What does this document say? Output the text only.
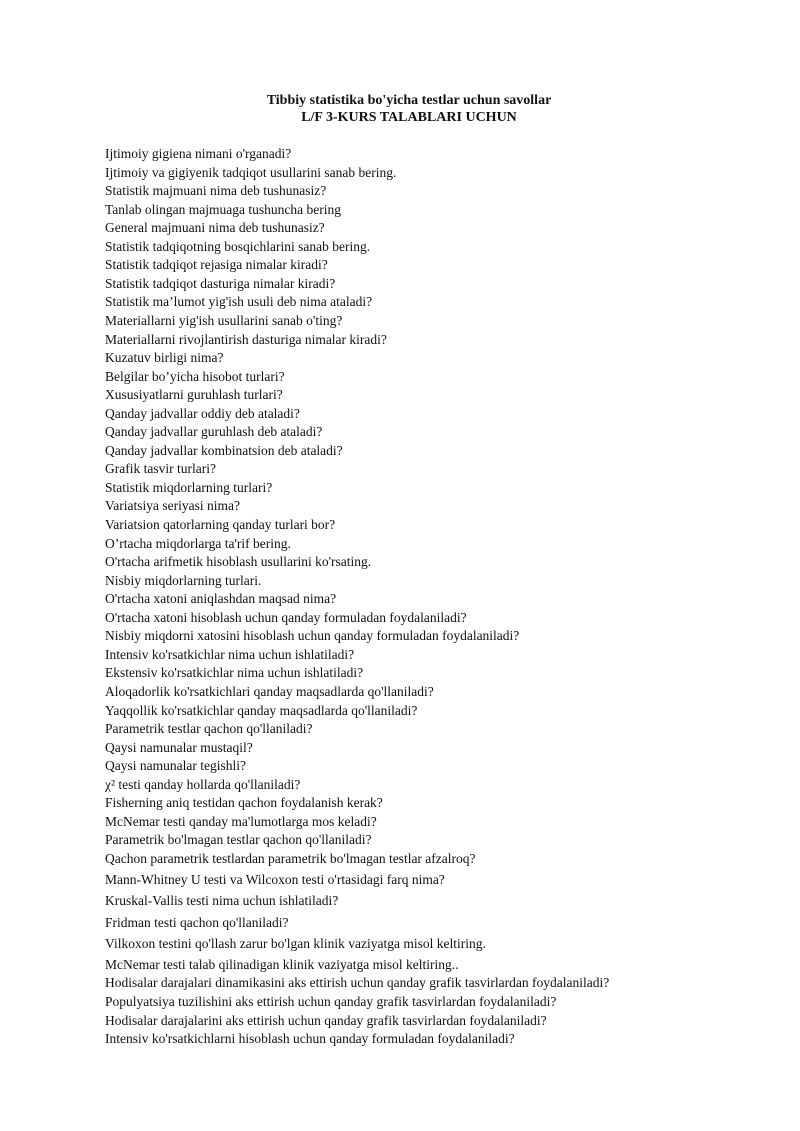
Tibbiy statistika bo'yicha testlar uchun savollar
L/F 3-KURS TALABLARI UCHUN
Ijtimoiy gigiena nimani o'rganadi?
Ijtimoiy va gigiyenik tadqiqot usullarini sanab bering.
Statistik majmuani nima deb tushunasiz?
Tanlab olingan majmuaga tushuncha bering
General majmuani nima deb tushunasiz?
Statistik tadqiqotning bosqichlarini sanab bering.
Statistik tadqiqot rejasiga nimalar kiradi?
Statistik tadqiqot dasturiga nimalar kiradi?
Statistik ma’lumot yig'ish usuli deb nima ataladi?
Materiallarni yig'ish usullarini sanab o'ting?
Materiallarni rivojlantirish dasturiga nimalar kiradi?
Kuzatuv birligi nima?
Belgilar bo’yicha hisobot turlari?
Xususiyatlarni guruhlash turlari?
Qanday jadvallar oddiy deb ataladi?
Qanday jadvallar guruhlash deb ataladi?
Qanday jadvallar kombinatsion deb ataladi?
Grafik tasvir turlari?
Statistik miqdorlarning turlari?
Variatsiya seriyasi nima?
Variatsion qatorlarning qanday turlari bor?
O’rtacha miqdorlarga ta'rif bering.
O'rtacha arifmetik hisoblash usullarini ko'rsating.
Nisbiy miqdorlarning turlari.
O'rtacha xatoni aniqlashdan maqsad nima?
O'rtacha xatoni hisoblash uchun qanday formuladan foydalaniladi?
Nisbiy miqdorni xatosini hisoblash uchun qanday formuladan foydalaniladi?
Intensiv ko'rsatkichlar nima uchun ishlatiladi?
Ekstensiv ko'rsatkichlar nima uchun ishlatiladi?
Aloqadorlik ko'rsatkichlari qanday maqsadlarda qo'llaniladi?
Yaqqollik ko'rsatkichlar qanday maqsadlarda qo'llaniladi?
Parametrik testlar qachon qo'llaniladi?
Qaysi namunalar mustaqil?
Qaysi namunalar tegishli?
χ² testi qanday hollarda qo'llaniladi?
Fisherning aniq testidan qachon foydalanish kerak?
McNemar testi qanday ma'lumotlarga mos keladi?
Parametrik bo'lmagan testlar qachon qo'llaniladi?
Qachon parametrik testlardan parametrik bo'lmagan testlar afzalroq?
Mann-Whitney U testi va Wilcoxon testi o'rtasidagi farq nima?
Kruskal-Vallis testi nima uchun ishlatiladi?
Fridman testi qachon qo'llaniladi?
Vilkoxon testini qo'llash zarur bo'lgan klinik vaziyatga misol keltiring.
McNemar testi talab qilinadigan klinik vaziyatga misol keltiring..
Hodisalar darajalari dinamikasini aks ettirish uchun qanday grafik tasvirlardan foydalaniladi?
Populyatsiya tuzilishini aks ettirish uchun qanday grafik tasvirlardan foydalaniladi?
Hodisalar darajalarini aks ettirish uchun qanday grafik tasvirlardan foydalaniladi?
Intensiv ko'rsatkichlarni hisoblash uchun qanday formuladan foydalaniladi?
